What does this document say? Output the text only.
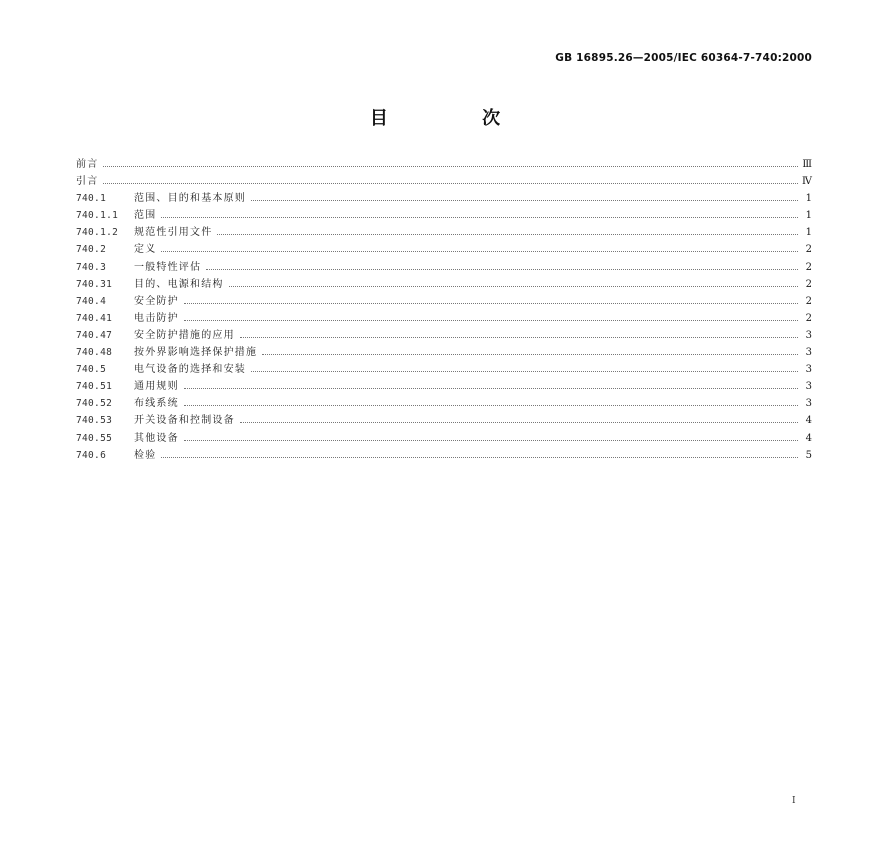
GB 16895.26—2005/IEC 60364-7-740:2000
目 次
前言	Ⅲ
引言	Ⅳ
740.1	范围、目的和基本原则	1
740.1.1	范围	1
740.1.2	规范性引用文件	1
740.2	定义	2
740.3	一般特性评估	2
740.31	目的、电源和结构	2
740.4	安全防护	2
740.41	电击防护	2
740.47	安全防护措施的应用	3
740.48	按外界影响选择保护措施	3
740.5	电气设备的选择和安装	3
740.51	通用规则	3
740.52	布线系统	3
740.53	开关设备和控制设备	4
740.55	其他设备	4
740.6	检验	5
Ⅰ
